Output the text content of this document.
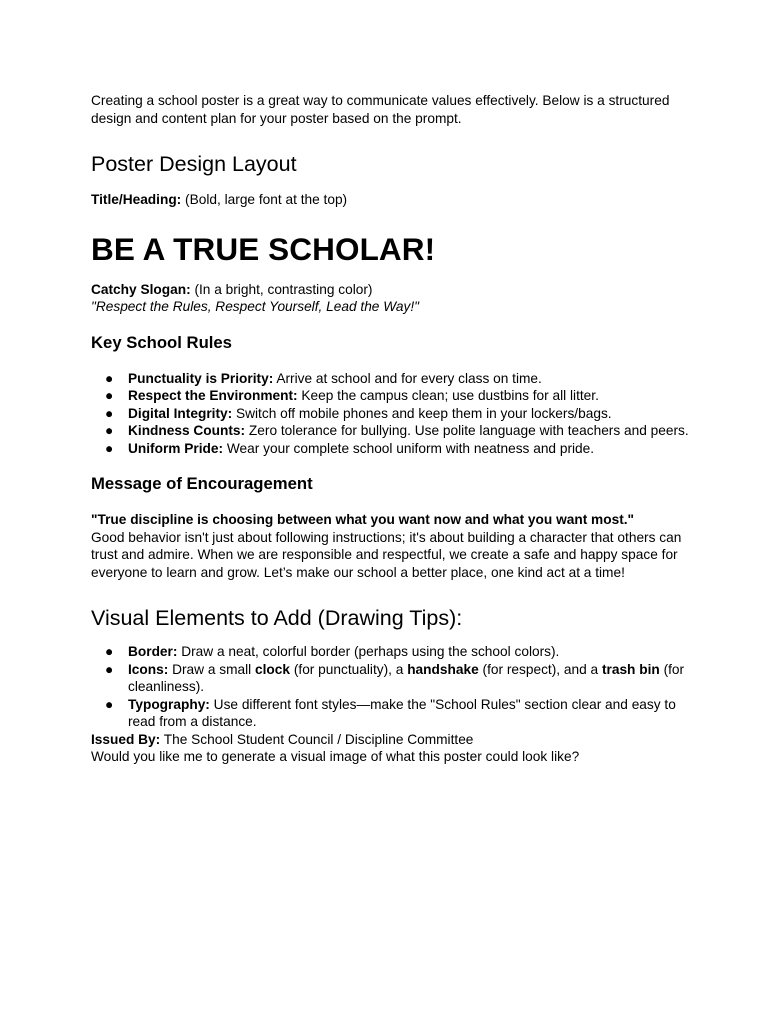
Creating a school poster is a great way to communicate values effectively. Below is a structured design and content plan for your poster based on the prompt.

Poster Design Layout

Title/Heading: (Bold, large font at the top)

BE A TRUE SCHOLAR!

Catchy Slogan: (In a bright, contrasting color)

"Respect the Rules, Respect Yourself, Lead the Way!"

Key School Rules
● Punctuality is Priority: Arrive at school and for every class on time.
● Respect the Environment: Keep the campus clean; use dustbins for all litter.
● Digital Integrity: Switch off mobile phones and keep them in your lockers/bags.
● Kindness Counts: Zero tolerance for bullying. Use polite language with teachers and peers.
● Uniform Pride: Wear your complete school uniform with neatness and pride.
Message of Encouragement

"True discipline is choosing between what you want now and what you want most."

Good behavior isn't just about following instructions; it's about building a character that others can trust and admire. When we are responsible and respectful, we create a safe and happy space for everyone to learn and grow. Let’s make our school a better place, one kind act at a time!

Visual Elements to Add (Drawing Tips):
● Border: Draw a neat, colorful border (perhaps using the school colors).
● Icons: Draw a small clock (for punctuality), a handshake (for respect), and a trash bin (for cleanliness).
● Typography: Use different font styles—make the "School Rules" section clear and easy to read from a distance.

Issued By: The School Student Council / Discipline Committee

Would you like me to generate a visual image of what this poster could look like?
